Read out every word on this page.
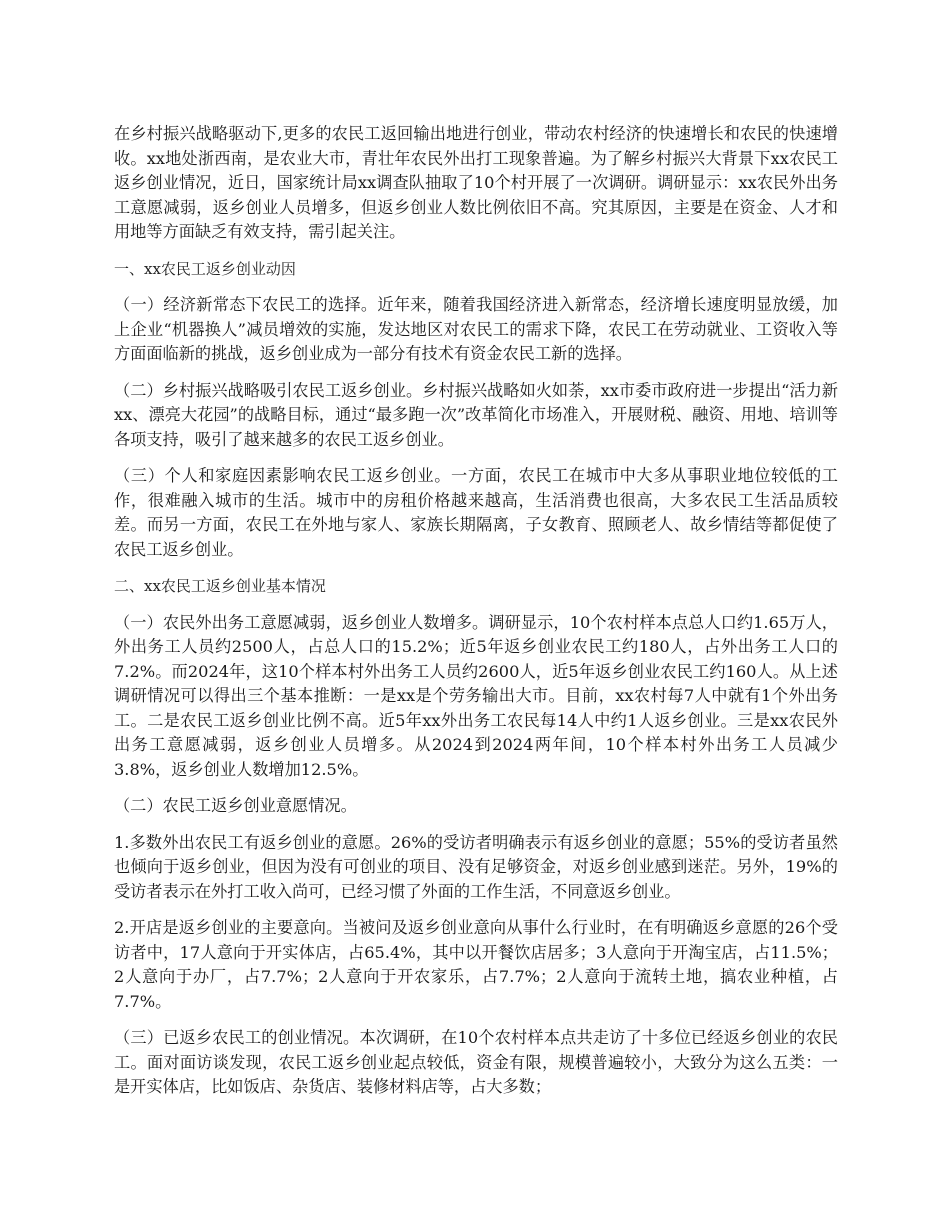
在乡村振兴战略驱动下,更多的农民工返回输出地进行创业，带动农村经济的快速增长和农民的快速增收。xx地处浙西南，是农业大市，青壮年农民外出打工现象普遍。为了解乡村振兴大背景下xx农民工返乡创业情况，近日，国家统计局xx调查队抽取了10个村开展了一次调研。调研显示：xx农民外出务工意愿减弱，返乡创业人员增多，但返乡创业人数比例依旧不高。究其原因，主要是在资金、人才和用地等方面缺乏有效支持，需引起关注。

一、xx农民工返乡创业动因

（一）经济新常态下农民工的选择。近年来，随着我国经济进入新常态，经济增长速度明显放缓，加上企业“机器换人”减员增效的实施，发达地区对农民工的需求下降，农民工在劳动就业、工资收入等方面面临新的挑战，返乡创业成为一部分有技术有资金农民工新的选择。

（二）乡村振兴战略吸引农民工返乡创业。乡村振兴战略如火如荼，xx市委市政府进一步提出“活力新xx、漂亮大花园”的战略目标，通过“最多跑一次”改革简化市场准入，开展财税、融资、用地、培训等各项支持，吸引了越来越多的农民工返乡创业。

（三）个人和家庭因素影响农民工返乡创业。一方面，农民工在城市中大多从事职业地位较低的工作，很难融入城市的生活。城市中的房租价格越来越高，生活消费也很高，大多农民工生活品质较差。而另一方面，农民工在外地与家人、家族长期隔离，子女教育、照顾老人、故乡情结等都促使了农民工返乡创业。

二、xx农民工返乡创业基本情况

（一）农民外出务工意愿减弱，返乡创业人数增多。调研显示，10个农村样本点总人口约1.65万人，外出务工人员约2500人，占总人口的15.2%；近5年返乡创业农民工约180人，占外出务工人口的7.2%。而2024年，这10个样本村外出务工人员约2600人，近5年返乡创业农民工约160人。从上述调研情况可以得出三个基本推断：一是xx是个劳务输出大市。目前，xx农村每7人中就有1个外出务工。二是农民工返乡创业比例不高。近5年xx外出务工农民每14人中约1人返乡创业。三是xx农民外出务工意愿减弱，返乡创业人员增多。从2024到2024两年间，10个样本村外出务工人员减少3.8%，返乡创业人数增加12.5%。

（二）农民工返乡创业意愿情况。

1.多数外出农民工有返乡创业的意愿。26%的受访者明确表示有返乡创业的意愿；55%的受访者虽然也倾向于返乡创业，但因为没有可创业的项目、没有足够资金，对返乡创业感到迷茫。另外，19%的受访者表示在外打工收入尚可，已经习惯了外面的工作生活，不同意返乡创业。

2.开店是返乡创业的主要意向。当被问及返乡创业意向从事什么行业时，在有明确返乡意愿的26个受访者中，17人意向于开实体店，占65.4%，其中以开餐饮店居多；3人意向于开淘宝店，占11.5%；2人意向于办厂，占7.7%；2人意向于开农家乐，占7.7%；2人意向于流转土地，搞农业种植，占7.7%。

（三）已返乡农民工的创业情况。本次调研，在10个农村样本点共走访了十多位已经返乡创业的农民工。面对面访谈发现，农民工返乡创业起点较低，资金有限，规模普遍较小，大致分为这么五类：一是开实体店，比如饭店、杂货店、装修材料店等，占大多数；
